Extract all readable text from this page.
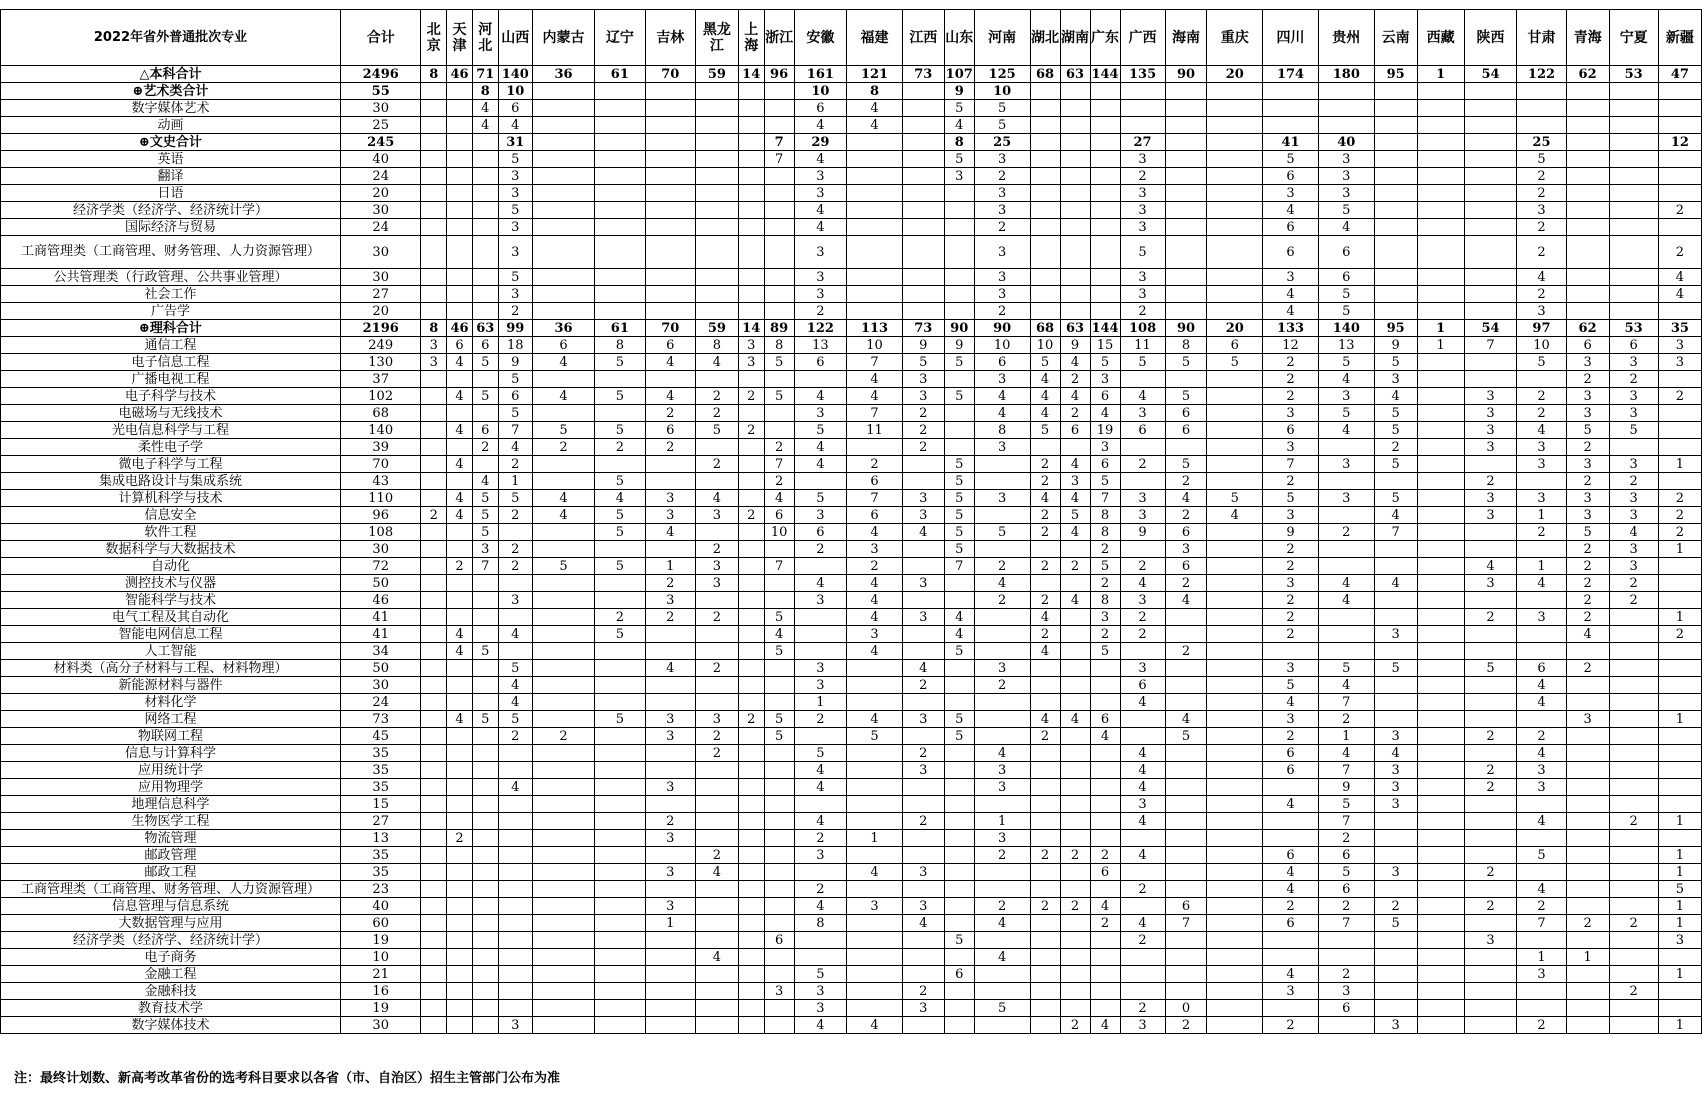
2022年省外普通批次专业	合计	北京	天津	河北	山西	内蒙古	辽宁	吉林	黑龙江	上海	浙江	安徽	福建	江西	山东	河南	湖北	湖南	广东	广西	海南	重庆	四川	贵州	云南	西藏	陕西	甘肃	青海	宁夏	新疆
△本科合计	2496	8	46	71	140	36	61	70	59	14	96	161	121	73	107	125	68	63	144	135	90	20	174	180	95	1	54	122	62	53	47
⊕艺术类合计	55			8	10							10	8		9	10															
数字媒体艺术	30			4	6							6	4		5	5															
动画	25			4	4							4	4		4	5															
⊕文史合计	245				31						7	29			8	25				27			41	40				25			12
英语	40				5						7	4			5	3				3			5	3				5			
翻译	24				3							3			3	2				2			6	3				2			
日语	20				3							3				3				3			3	3				2			
经济学类（经济学、经济统计学）	30				5							4				3				3			4	5				3			2
国际经济与贸易	24				3							4				2				3			6	4				2			
工商管理类（工商管理、财务管理、人力资源管理）	30				3							3				3				5			6	6				2			2
公共管理类（行政管理、公共事业管理）	30				5							3				3				3			3	6				4			4
社会工作	27				3							3				3				3			4	5				2			4
广告学	20				2							2				2				2			4	5				3			
⊕理科合计	2196	8	46	63	99	36	61	70	59	14	89	122	113	73	90	90	68	63	144	108	90	20	133	140	95	1	54	97	62	53	35
通信工程	249	3	6	6	18	6	8	6	8	3	8	13	10	9	9	10	10	9	15	11	8	6	12	13	9	1	7	10	6	6	3
电子信息工程	130	3	4	5	9	4	5	4	4	3	5	6	7	5	5	6	5	4	5	5	5	5	2	5	5			5	3	3	3
广播电视工程	37				5								4	3		3	4	2	3				2	4	3				2	2	
电子科学与技术	102		4	5	6	4	5	4	2	2	5	4	4	3	5	4	4	4	6	4	5		2	3	4		3	2	3	3	2
电磁场与无线技术	68				5			2	2			3	7	2		4	4	2	4	3	6		3	5	5		3	2	3	3	
光电信息科学与工程	140		4	6	7	5	5	6	5	2		5	11	2		8	5	6	19	6	6		6	4	5		3	4	5	5	
柔性电子学	39			2	4	2	2	2			2	4		2		3			3				3		2		3	3	2		
微电子科学与工程	70		4		2				2		7	4	2		5		2	4	6	2	5		7	3	5			3	3	3	1
集成电路设计与集成系统	43			4	1		5				2		6		5		2	3	5		2		2				2		2	2	
计算机科学与技术	110		4	5	5	4	4	3	4		4	5	7	3	5	3	4	4	7	3	4	5	5	3	5		3	3	3	3	2
信息安全	96	2	4	5	2	4	5	3	3	2	6	3	6	3	5		2	5	8	3	2	4	3		4		3	1	3	3	2
软件工程	108			5			5	4			10	6	4	4	5	5	2	4	8	9	6		9	2	7			2	5	4	2
数据科学与大数据技术	30			3	2				2			2	3		5				2		3		2						2	3	1
自动化	72		2	7	2	5	5	1	3		7		2		7	2	2	2	5	2	6		2				4	1	2	3	
测控技术与仪器	50							2	3			4	4	3		4			2	4	2		3	4	4		3	4	2	2	
智能科学与技术	46				3			3				3	4			2	2	4	8	3	4		2	4					2	2	
电气工程及其自动化	41						2	2	2		5		4	3	4		4		3	2			2				2	3	2		1
智能电网信息工程	41		4		4		5				4		3		4		2		2	2			2		3				4		2
人工智能	34		4	5							5		4		5		4		5		2										
材料类（高分子材料与工程、材料物理）	50				5			4	2			3		4		3				3			3	5	5		5	6	2		
新能源材料与器件	30				4							3		2		2				6			5	4				4			
材料化学	24				4							1								4			4	7				4			
网络工程	73		4	5	5		5	3	3	2	5	2	4	3	5		4	4	6		4		3	2					3		1
物联网工程	45				2	2		3	2		5		5		5		2		4		5		2	1	3		2	2			
信息与计算科学	35								2			5		2		4				4			6	4	4			4			
应用统计学	35											4		3		3				4			6	7	3		2	3			
应用物理学	35				4			3				4				3				4				9	3		2	3			
地理信息科学	15																			3			4	5	3						
生物医学工程	27							2				4		2		1				4				7				4		2	1
物流管理	13		2					3				2	1			3								2							
邮政管理	35								2			3				2	2	2	2	4			6	6				5			1
邮政工程	35							3	4				4	3					6				4	5	3		2				1
工商管理类（工商管理、财务管理、人力资源管理）	23											2								2			4	6				4			5
信息管理与信息系统	40							3				4	3	3		2	2	2	4		6		2	2	2		2	2			1
大数据管理与应用	60							1				8		4		4			2	4	7		6	7	5			7	2	2	1
经济学类（经济学、经济统计学）	19										6				5					2							3				3
电子商务	10								4							4												1	1		
金融工程	21											5			6								4	2				3			1
金融科技	16										3	3		2									3	3						2	
教育技术学	19											3		3		5				2	0			6							
数字媒体技术	30				3							4	4					2	4	3	2		2		3			2			1
注：最终计划数、新高考改革省份的选考科目要求以各省（市、自治区）招生主管部门公布为准
